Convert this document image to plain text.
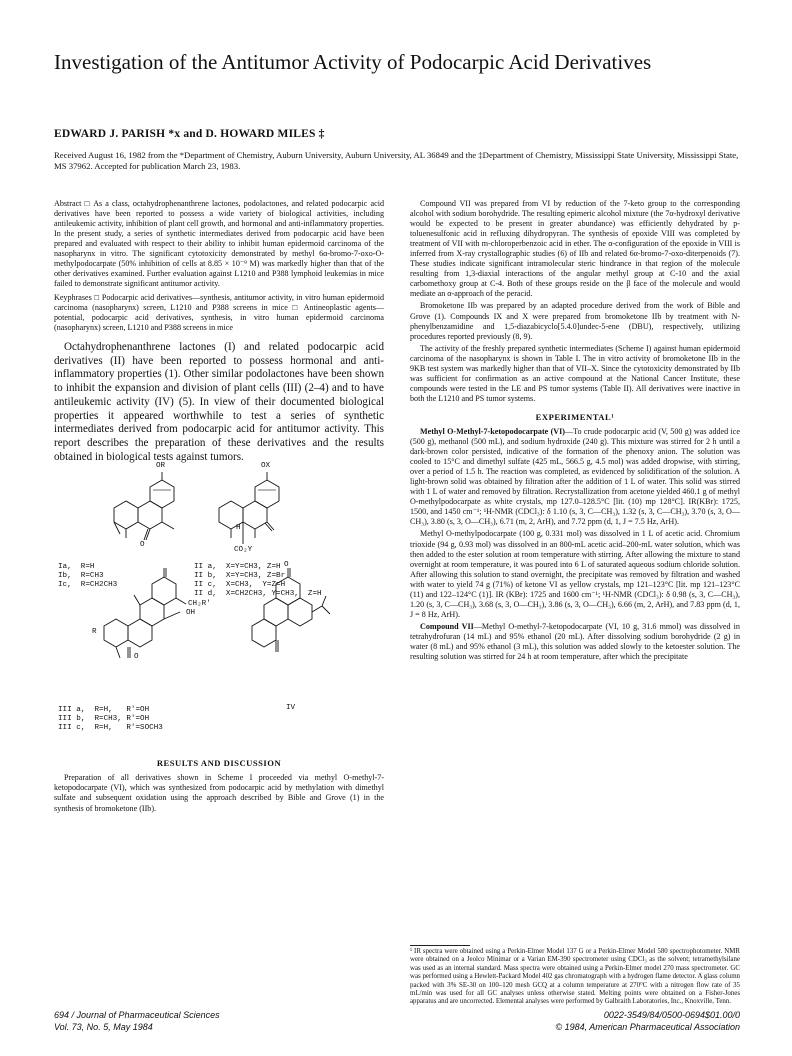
Investigation of the Antitumor Activity of Podocarpic Acid Derivatives
EDWARD J. PARISH *x and D. HOWARD MILES ‡
Received August 16, 1982 from the *Department of Chemistry, Auburn University, Auburn University, AL 36849 and the ‡Department of Chemistry, Mississippi State University, Mississippi State, MS 37962. Accepted for publication March 23, 1983.

Abstract □ As a class, octahydrophenanthrene lactones, podolactones, and related podocarpic acid derivatives have been reported to possess a wide variety of biological activities, including antileukemic activity, inhibition of plant cell growth, and hormonal and anti-inflammatory properties. In the present study, a series of synthetic intermediates derived from podocarpic acid have been prepared and evaluated with respect to their ability to inhibit human epidermoid carcinoma of the nasopharynx in vitro. The significant cytotoxicity demonstrated by methyl 6α-bromo-7-oxo-O-methylpodocarpate (50% inhibition of cells at 8.85 × 10⁻⁹ M) was markedly higher than that of the other derivatives examined. Further evaluation against L1210 and P388 lymphoid leukemias in mice failed to demonstrate significant antitumor activity.

Keyphrases □ Podocarpic acid derivatives—synthesis, antitumor activity, in vitro human epidermoid carcinoma (nasopharynx) screen, L1210 and P388 screens in mice □ Antineoplastic agents—potential, podocarpic acid derivatives, synthesis, in vitro human epidermoid carcinoma (nasopharynx) screen, L1210 and P388 screens in mice

Octahydrophenanthrene lactones (I) and related podocarpic acid derivatives (II) have been reported to possess hormonal and anti-inflammatory properties (1). Other similar podolactones have been shown to inhibit the expansion and division of plant cells (III) (2–4) and to have antileukemic activity (IV) (5). In view of their documented biological properties it appeared worthwhile to test a series of synthetic intermediates derived from podocarpic acid for antitumor activity. This report describes the preparation of these derivatives and the results obtained in biological tests against tumors.

OR	OX
O
CO₂Y
H
Ia,  R=H
Ib,  R=CH3
Ic,  R=CH2CH3
II a,  X=Y=CH3, Z=H
II b,  X=Y=CH3, Z=Br
II c,  X=CH3,  Y=Z=H
II d,  X=CH2CH3, Y=CH3,  Z=H
CH₂R'
OH
R
O
O
III a,  R=H,   R'=OH
III b,  R=CH3, R'=OH
III c,  R=H,   R'=SOCH3
IV
RESULTS AND DISCUSSION

Preparation of all derivatives shown in Scheme I proceeded via methyl O-methyl-7-ketopodocarpate (VI), which was synthesized from podocarpic acid by methylation with dimethyl sulfate and subsequent oxidation using the approach described by Bible and Grove (1) in the synthesis of bromoketone (IIb).

Compound VII was prepared from VI by reduction of the 7-keto group to the corresponding alcohol with sodium borohydride. The resulting epimeric alcohol mixture (the 7α-hydroxyl derivative would be expected to be present in greater abundance) was efficiently dehydrated by p-toluenesulfonic acid in refluxing dihydropyran. The synthesis of epoxide VIII was completed by treatment of VII with m-chloroperbenzoic acid in ether. The α-configuration of the epoxide in VIII is inferred from X-ray crystallographic studies (6) of IIb and related 6α-bromo-7-oxo-diterpenoids (7). These studies indicate significant intramolecular steric hindrance in that region of the molecule resulting from 1,3-diaxial interactions of the angular methyl group at C-10 and the axial carbomethoxy group at C-4. Both of these groups reside on the β face of the molecule and would mediate an α-approach of the peracid.

Bromoketone IIb was prepared by an adapted procedure derived from the work of Bible and Grove (1). Compounds IX and X were prepared from bromoketone IIb by treatment with N-phenylbenzamidine and 1,5-diazabicyclo[5.4.0]undec-5-ene (DBU), respectively, utilizing procedures reported previously (8, 9).

The activity of the freshly prepared synthetic intermediates (Scheme I) against human epidermoid carcinoma of the nasopharynx is shown in Table I. The in vitro activity of bromoketone IIb in the 9KB test system was markedly higher than that of VII–X. Since the cytotoxicity demonstrated by IIb was sufficient for confirmation as an active compound at the National Cancer Institute, these compounds were tested in the LE and PS tumor systems (Table II). All derivatives were inactive in both the L1210 and PS tumor systems.

EXPERIMENTAL¹

Methyl O-Methyl-7-ketopodocarpate (VI)—To crude podocarpic acid (V, 500 g) was added ice (500 g), methanol (500 mL), and sodium hydroxide (240 g). This mixture was stirred for 2 h until a dark-brown color persisted, indicative of the formation of the phenoxy anion. The solution was cooled to 15°C and dimethyl sulfate (425 mL, 566.5 g, 4.5 mol) was added dropwise, with stirring, over a period of 1.5 h. The reaction was completed, as evidenced by solidification of the solution. A light-brown solid was obtained by filtration after the addition of 1 L of water. This solid was stirred with 1 L of water and removed by filtration. Recrystallization from acetone yielded 460.1 g of methyl O-methylpodocarpate as white crystals, mp 127.0–128.5°C [lit. (10) mp 128°C]. IR(KBr): 1725, 1500, and 1450 cm⁻¹; ¹H-NMR (CDCl₃): δ 1.10 (s, 3, C—CH₃), 1.32 (s, 3, C—CH₃), 3.70 (s, 3, O—CH₃), 3.80 (s, 3, O—CH₃), 6.71 (m, 2, ArH), and 7.72 ppm (d, 1, J = 7.5 Hz, ArH).

Methyl O-methylpodocarpate (100 g, 0.331 mol) was dissolved in 1 L of acetic acid. Chromium trioxide (94 g, 0.93 mol) was dissolved in an 800-mL acetic acid–200-mL water solution, which was then added to the ester solution at room temperature with stirring. After allowing the mixture to stand overnight at room temperature, it was poured into 6 L of saturated aqueous sodium chloride solution. After allowing this solution to stand overnight, the precipitate was removed by filtration and washed with water to yield 74 g (71%) of ketone VI as yellow crystals, mp 121–123°C [lit. mp 121–123°C (11) and 122–124°C (1)]. IR (KBr): 1725 and 1600 cm⁻¹; ¹H-NMR (CDCl₃): δ 0.98 (s, 3, C—CH₃), 1.20 (s, 3, C—CH₃), 3.68 (s, 3, O—CH₃), 3.86 (s, 3, O—CH₃), 6.66 (m, 2, ArH), and 7.83 ppm (d, 1, J = 8 Hz, ArH).

Compound VII—Methyl O-methyl-7-ketopodocarpate (VI, 10 g, 31.6 mmol) was dissolved in tetrahydrofuran (14 mL) and 95% ethanol (20 mL). After dissolving sodium borohydride (2 g) in water (8 mL) and 95% ethanol (3 mL), this solution was added slowly to the ketoester solution. The resulting solution was stirred for 24 h at room temperature, after which the precipitate

¹ IR spectra were obtained using a Perkin-Elmer Model 137 G or a Perkin-Elmer Model 580 spectrophotometer. NMR were obtained on a Jeolco Minimar or a Varian EM-390 spectrometer using CDCl₃ as the solvent; tetramethylsilane was used as an internal standard. Mass spectra were obtained using a Perkin-Elmer model 270 mass spectrometer. GC was performed using a Hewlett-Packard Model 402 gas chromatograph with a hydrogen flame detector. A glass column packed with 3% SE-30 on 100–120 mesh GCQ at a column temperature at 270°C with a nitrogen flow rate of 35 mL/min was used for all GC analyses unless otherwise stated. Melting points were obtained on a Fisher-Jones apparatus and are uncorrected. Elemental analyses were performed by Galbraith Laboratories, Inc., Knoxville, Tenn.
694 / Journal of Pharmaceutical Sciences
Vol. 73, No. 5, May 1984
0022-3549/84/0500-0694$01.00/0
© 1984, American Pharmaceutical Association
